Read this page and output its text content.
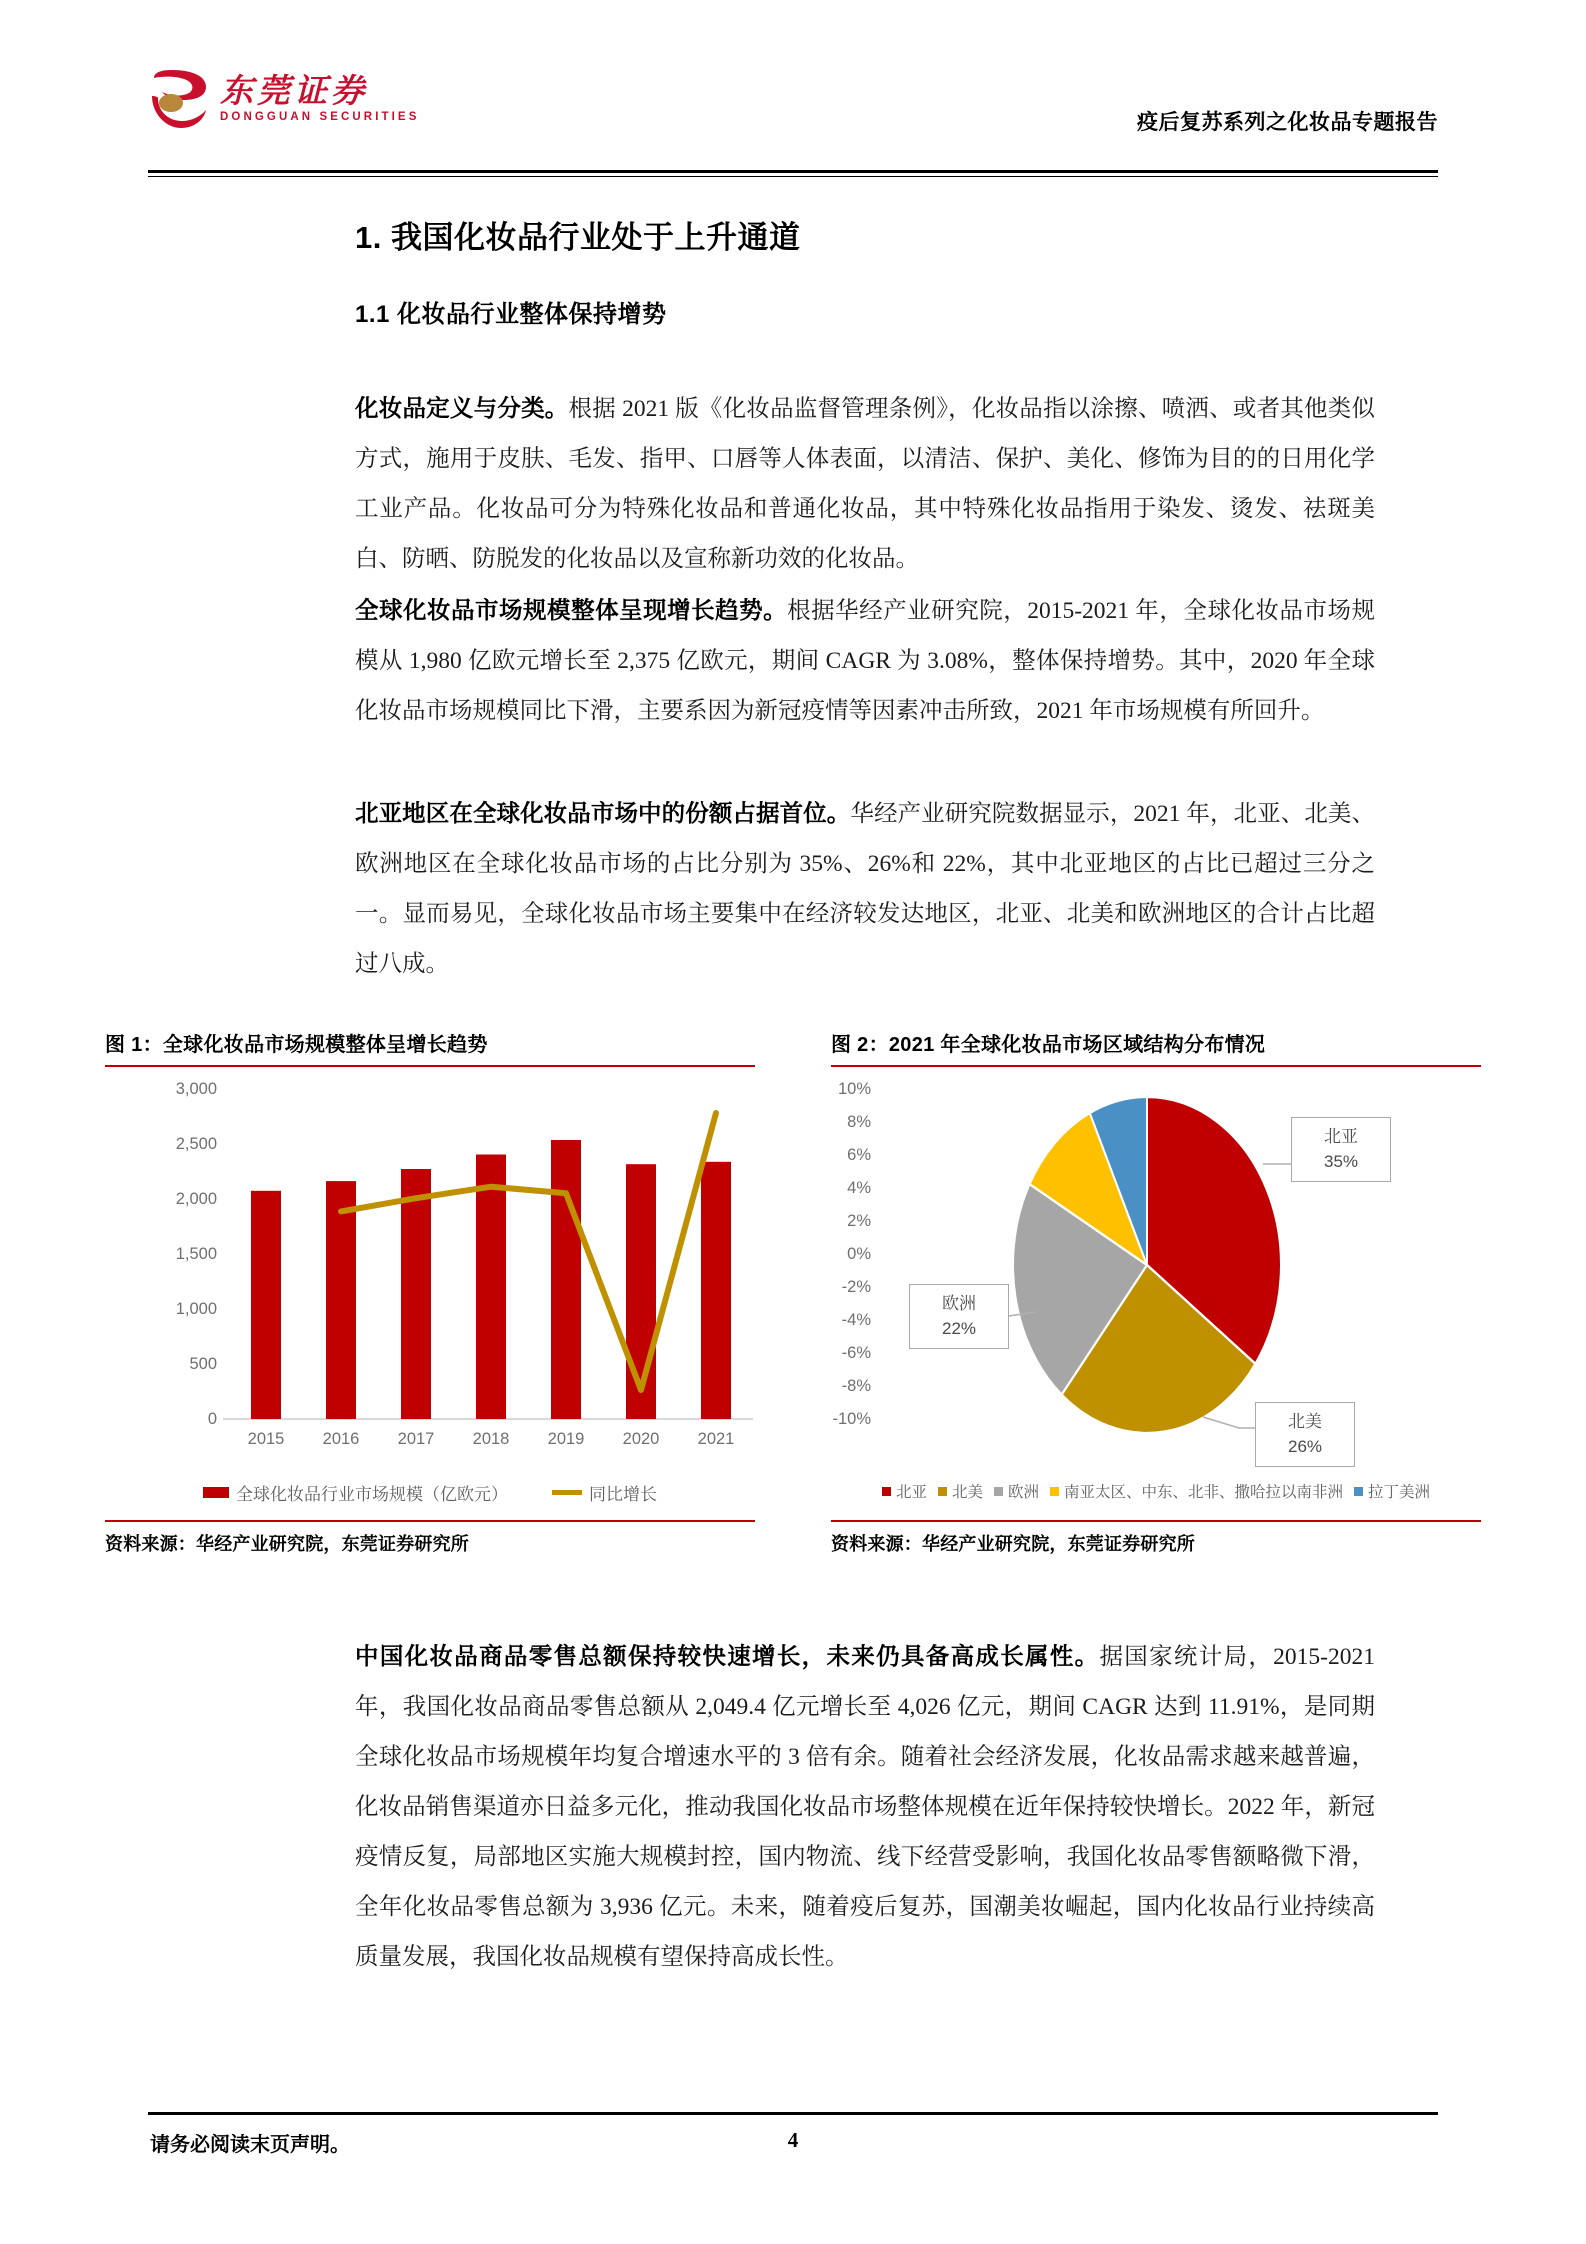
东莞证券
DONGGUAN SECURITIES	疫后复苏系列之化妆品专题报告
1. 我国化妆品行业处于上升通道
1.1 化妆品行业整体保持增势

化妆品定义与分类。根据 2021 版《化妆品监督管理条例》，化妆品指以涂擦、喷洒、或者其他类似方式，施用于皮肤、毛发、指甲、口唇等人体表面，以清洁、保护、美化、修饰为目的的日用化学工业产品。化妆品可分为特殊化妆品和普通化妆品，其中特殊化妆品指用于染发、烫发、祛斑美白、防晒、防脱发的化妆品以及宣称新功效的化妆品。

全球化妆品市场规模整体呈现增长趋势。根据华经产业研究院，2015-2021 年，全球化妆品市场规模从 1,980 亿欧元增长至 2,375 亿欧元，期间 CAGR 为 3.08%，整体保持增势。其中，2020 年全球化妆品市场规模同比下滑，主要系因为新冠疫情等因素冲击所致，2021 年市场规模有所回升。

北亚地区在全球化妆品市场中的份额占据首位。华经产业研究院数据显示，2021 年，北亚、北美、欧洲地区在全球化妆品市场的占比分别为 35%、26%和 22%，其中北亚地区的占比已超过三分之一。显而易见，全球化妆品市场主要集中在经济较发达地区，北亚、北美和欧洲地区的合计占比超过八成。

图 1：全球化妆品市场规模整体呈增长趋势
3,000
2,500
2,000
1,500
1,000
500
0
2015	2016	2017	2018	2019	2020	2021
全球化妆品行业市场规模（亿欧元）	同比增长
资料来源：华经产业研究院，东莞证券研究所
图 2：2021 年全球化妆品市场区域结构分布情况
10%
8%
6%
4%
2%
0%
-2%
-4%
-6%
-8%
-10%
北亚
35%
北美
26%
欧洲
22%
北亚 北美 欧洲 南亚太区、中东、北非、撒哈拉以南非洲 拉丁美洲
资料来源：华经产业研究院，东莞证券研究所

中国化妆品商品零售总额保持较快速增长，未来仍具备高成长属性。据国家统计局，2015-2021 年，我国化妆品商品零售总额从 2,049.4 亿元增长至 4,026 亿元，期间 CAGR 达到 11.91%，是同期全球化妆品市场规模年均复合增速水平的 3 倍有余。随着社会经济发展，化妆品需求越来越普遍，化妆品销售渠道亦日益多元化，推动我国化妆品市场整体规模在近年保持较快增长。2022 年，新冠疫情反复，局部地区实施大规模封控，国内物流、线下经营受影响，我国化妆品零售额略微下滑，全年化妆品零售总额为 3,936 亿元。未来，随着疫后复苏，国潮美妆崛起，国内化妆品行业持续高质量发展，我国化妆品规模有望保持高成长性。

请务必阅读末页声明。	4
